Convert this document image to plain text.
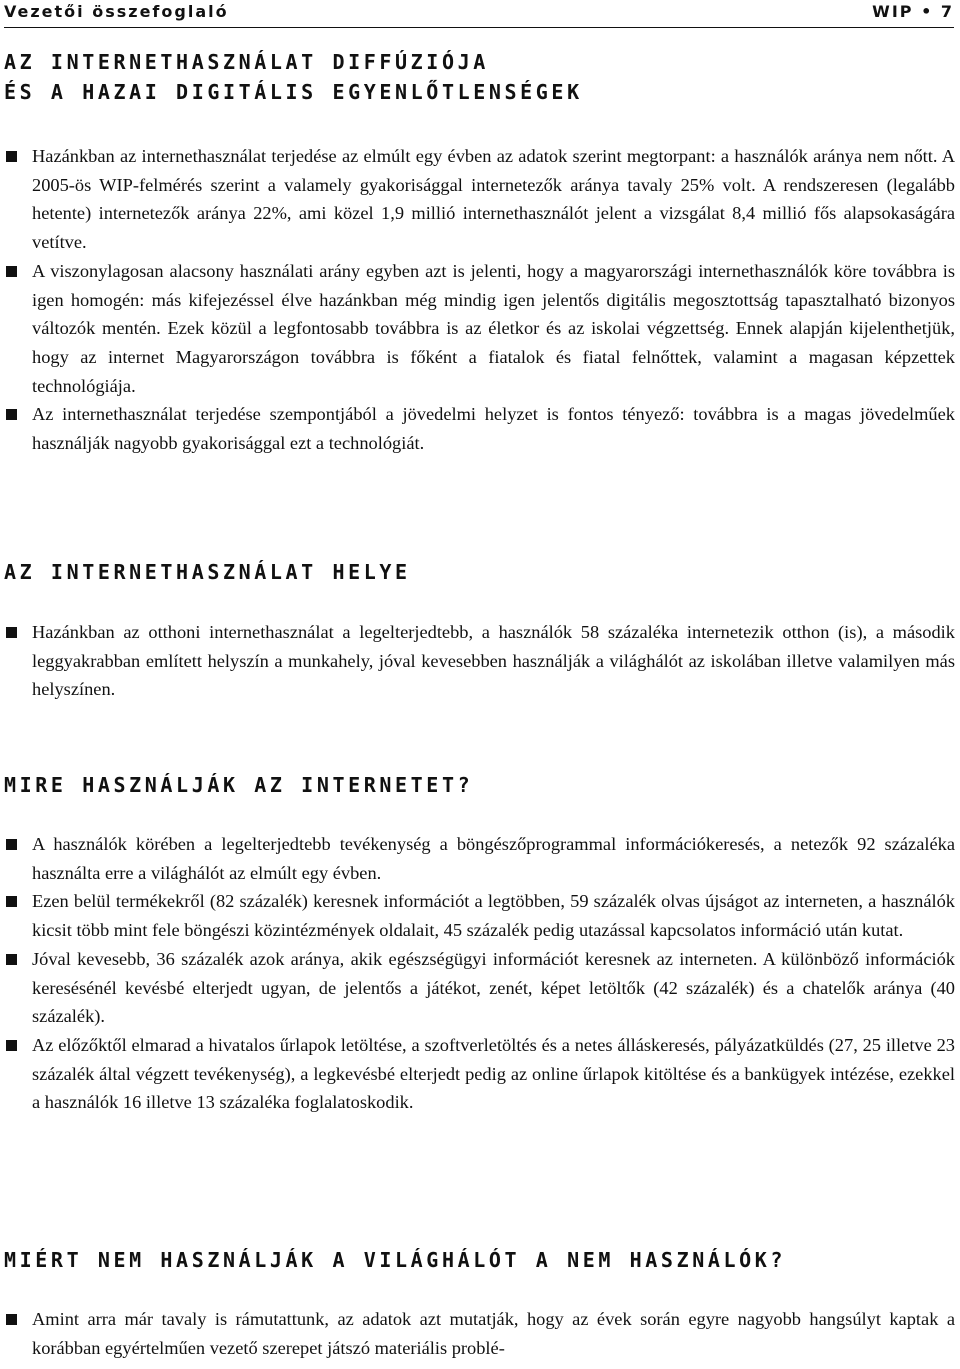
Vezetői összefoglaló	WIP • 7
AZ INTERNETHASZNÁLAT DIFFÚZIÓJA
ÉS A HAZAI DIGITÁLIS EGYENLŐTLENSÉGEK
Hazánkban az internethasználat terjedése az elmúlt egy évben az adatok szerint megtorpant: a használók aránya nem nőtt. A 2005-ös WIP-felmérés szerint a valamely gyakorisággal internetezők aránya tavaly 25% volt. A rendszeresen (legalább hetente) internetezők aránya 22%, ami közel 1,9 millió internethasználót jelent a vizsgálat 8,4 millió fős alapsokaságára vetítve.
A viszonylagosan alacsony használati arány egyben azt is jelenti, hogy a magyarországi internethasználók köre továbbra is igen homogén: más kifejezéssel élve hazánkban még mindig igen jelentős digitális megosztottság tapasztalható bizonyos változók mentén. Ezek közül a legfontosabb továbbra is az életkor és az iskolai végzettség. Ennek alapján kijelenthetjük, hogy az internet Magyarországon továbbra is főként a fiatalok és fiatal felnőttek, valamint a magasan képzettek technológiája.
Az internethasználat terjedése szempontjából a jövedelmi helyzet is fontos tényező: továbbra is a magas jövedelműek használják nagyobb gyakorisággal ezt a technológiát.
AZ INTERNETHASZNÁLAT HELYE
Hazánkban az otthoni internethasználat a legelterjedtebb, a használók 58 százaléka internetezik otthon (is), a második leggyakrabban említett helyszín a munkahely, jóval kevesebben használják a világhálót az iskolában illetve valamilyen más helyszínen.
MIRE HASZNÁLJÁK AZ INTERNETET?
A használók körében a legelterjedtebb tevékenység a böngészőprogrammal információkeresés, a netezők 92 százaléka használta erre a világhálót az elmúlt egy évben.
Ezen belül termékekről (82 százalék) keresnek információt a legtöbben, 59 százalék olvas újságot az interneten, a használók kicsit több mint fele böngészi közintézmények oldalait, 45 százalék pedig utazással kapcsolatos információ után kutat.
Jóval kevesebb, 36 százalék azok aránya, akik egészségügyi információt keresnek az interneten. A különböző információk keresésénél kevésbé elterjedt ugyan, de jelentős a játékot, zenét, képet letöltők (42 százalék) és a chatelők aránya (40 százalék).
Az előzőktől elmarad a hivatalos űrlapok letöltése, a szoftverletöltés és a netes álláskeresés, pályázatküldés (27, 25 illetve 23 százalék által végzett tevékenység), a legkevésbé elterjedt pedig az online űrlapok kitöltése és a bankügyek intézése, ezekkel a használók 16 illetve 13 százaléka foglalatoskodik.
MIÉRT NEM HASZNÁLJÁK A VILÁGHÁLÓT A NEM HASZNÁLÓK?
Amint arra már tavaly is rámutattunk, az adatok azt mutatják, hogy az évek során egyre nagyobb hangsúlyt kaptak a korábban egyértelműen vezető szerepet játszó materiális problé-
